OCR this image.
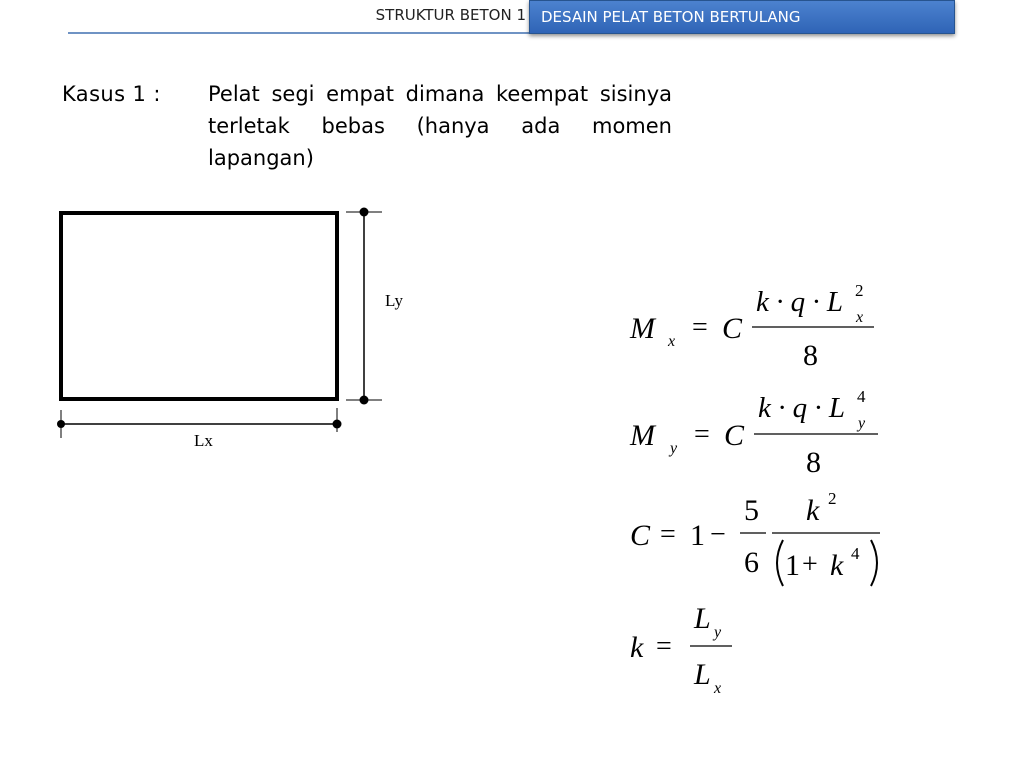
STRUKTUR BETON 1	DESAIN PELAT BETON BERTULANG
Kasus 1 : Pelat segi empat dimana keempat sisinya terletak bebas (hanya ada momen lapangan)
Ly
Lx
M x = C
k · q · L 2
x
8
M y = C
k · q · L 4
y
8
C = 1 −
5
6
k 2
1 + k 4
k =
L y
L x
